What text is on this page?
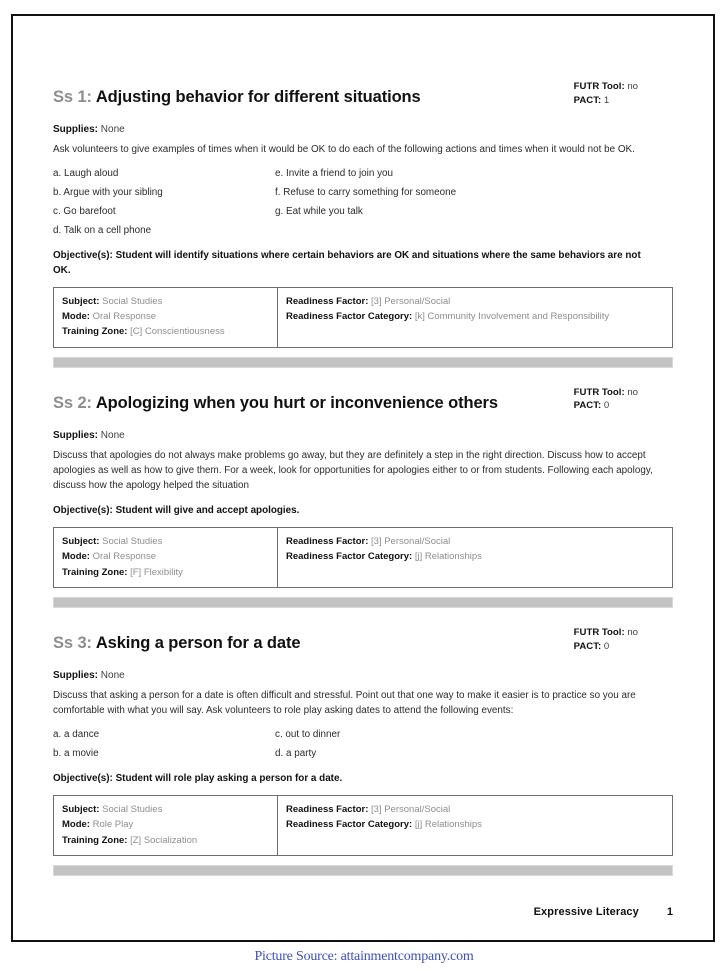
Ss 1: Adjusting behavior for different situations
FUTR Tool: no
PACT: 1

Supplies: None

Ask volunteers to give examples of times when it would be OK to do each of the following actions and times when it would not be OK.

a. Laugh aloud
b. Argue with your sibling
c. Go barefoot
d. Talk on a cell phone
e. Invite a friend to join you
f. Refuse to carry something for someone
g. Eat while you talk

Objective(s): Student will identify situations where certain behaviors are OK and situations where the same behaviors are not OK.

Subject: Social Studies
Mode: Oral Response
Training Zone: [C] Conscientiousness
Readiness Factor: [3] Personal/Social
Readiness Factor Category: [k] Community Involvement and Responsibility
Ss 2: Apologizing when you hurt or inconvenience others
FUTR Tool: no
PACT: 0

Supplies: None

Discuss that apologies do not always make problems go away, but they are definitely a step in the right direction. Discuss how to accept apologies as well as how to give them. For a week, look for opportunities for apologies either to or from students. Following each apology, discuss how the apology helped the situation

Objective(s): Student will give and accept apologies.

Subject: Social Studies
Mode: Oral Response
Training Zone: [F] Flexibility
Readiness Factor: [3] Personal/Social
Readiness Factor Category: [j] Relationships
Ss 3: Asking a person for a date
FUTR Tool: no
PACT: 0

Supplies: None

Discuss that asking a person for a date is often difficult and stressful. Point out that one way to make it easier is to practice so you are comfortable with what you will say. Ask volunteers to role play asking dates to attend the following events:

a. a dance
b. a movie
c. out to dinner
d. a party

Objective(s): Student will role play asking a person for a date.

Subject: Social Studies
Mode: Role Play
Training Zone: [Z] Socialization
Readiness Factor: [3] Personal/Social
Readiness Factor Category: [j] Relationships
Expressive Literacy	1
Picture Source: attainmentcompany.com
